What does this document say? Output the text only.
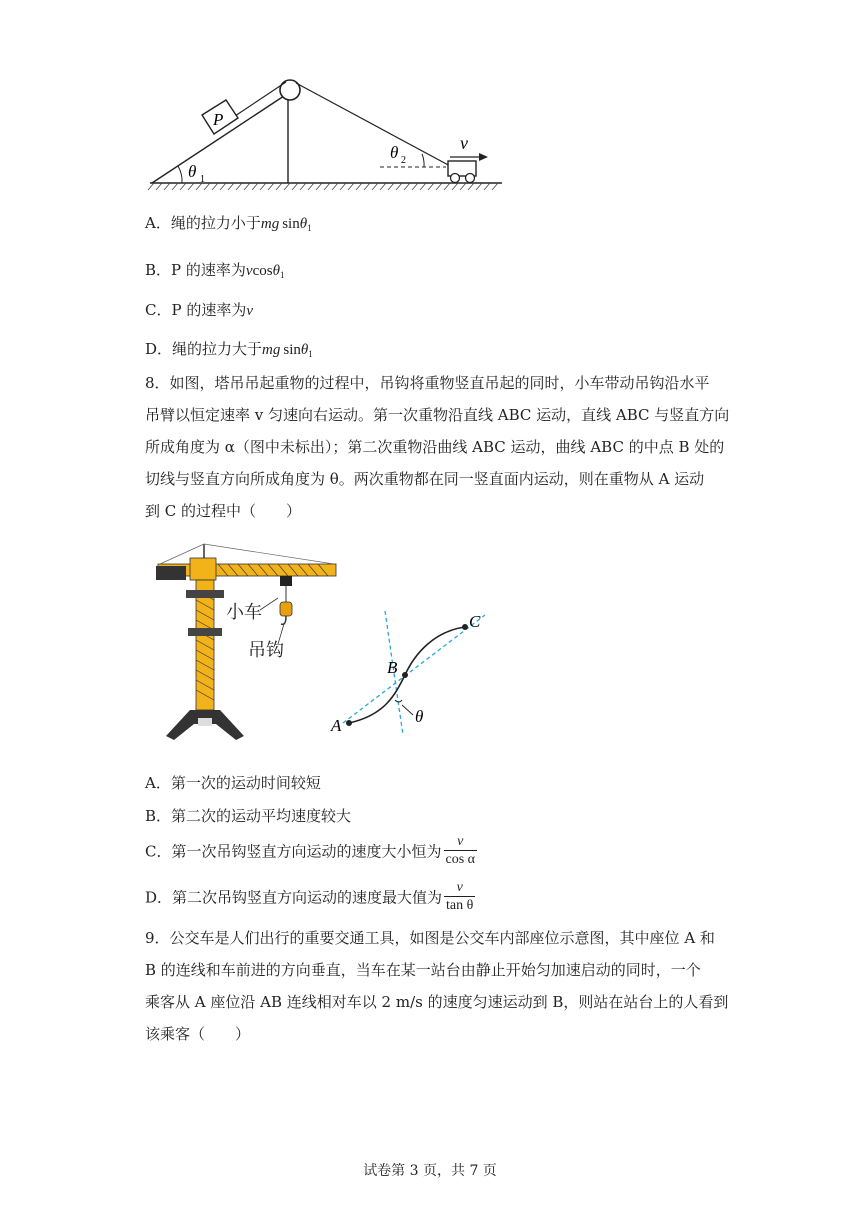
P
θ 1
θ 2
v
A．绳的拉力小于mg sinθ$_1$
B．P 的速率为vcosθ$_1$
C．P 的速率为v
D．绳的拉力大于mg sinθ$_1$
8．如图，塔吊吊起重物的过程中，吊钩将重物竖直吊起的同时，小车带动吊钩沿水平
吊臂以恒定速率 v 匀速向右运动。第一次重物沿直线 ABC 运动，直线 ABC 与竖直方向
所成角度为 α（图中未标出）；第二次重物沿曲线 ABC 运动，曲线 ABC 的中点 B 处的
切线与竖直方向所成角度为 θ。两次重物都在同一竖直面内运动，则在重物从 A 运动
到 C 的过程中（　　）
小车
吊钩
A
B
C
θ
A．第一次的运动时间较短
B．第二次的运动平均速度较大
C．第一次吊钩竖直方向运动的速度大小恒为 $\frac{v}{\text{cos α}}$
D．第二次吊钩竖直方向运动的速度最大值为 $\frac{v}{\text{tan θ}}$
9．公交车是人们出行的重要交通工具，如图是公交车内部座位示意图，其中座位 A 和
B 的连线和车前进的方向垂直，当车在某一站台由静止开始匀加速启动的同时，一个
乘客从 A 座位沿 AB 连线相对车以 2 m/s 的速度匀速运动到 B，则站在站台上的人看到
该乘客（　　）
试卷第 3 页，共 7 页
